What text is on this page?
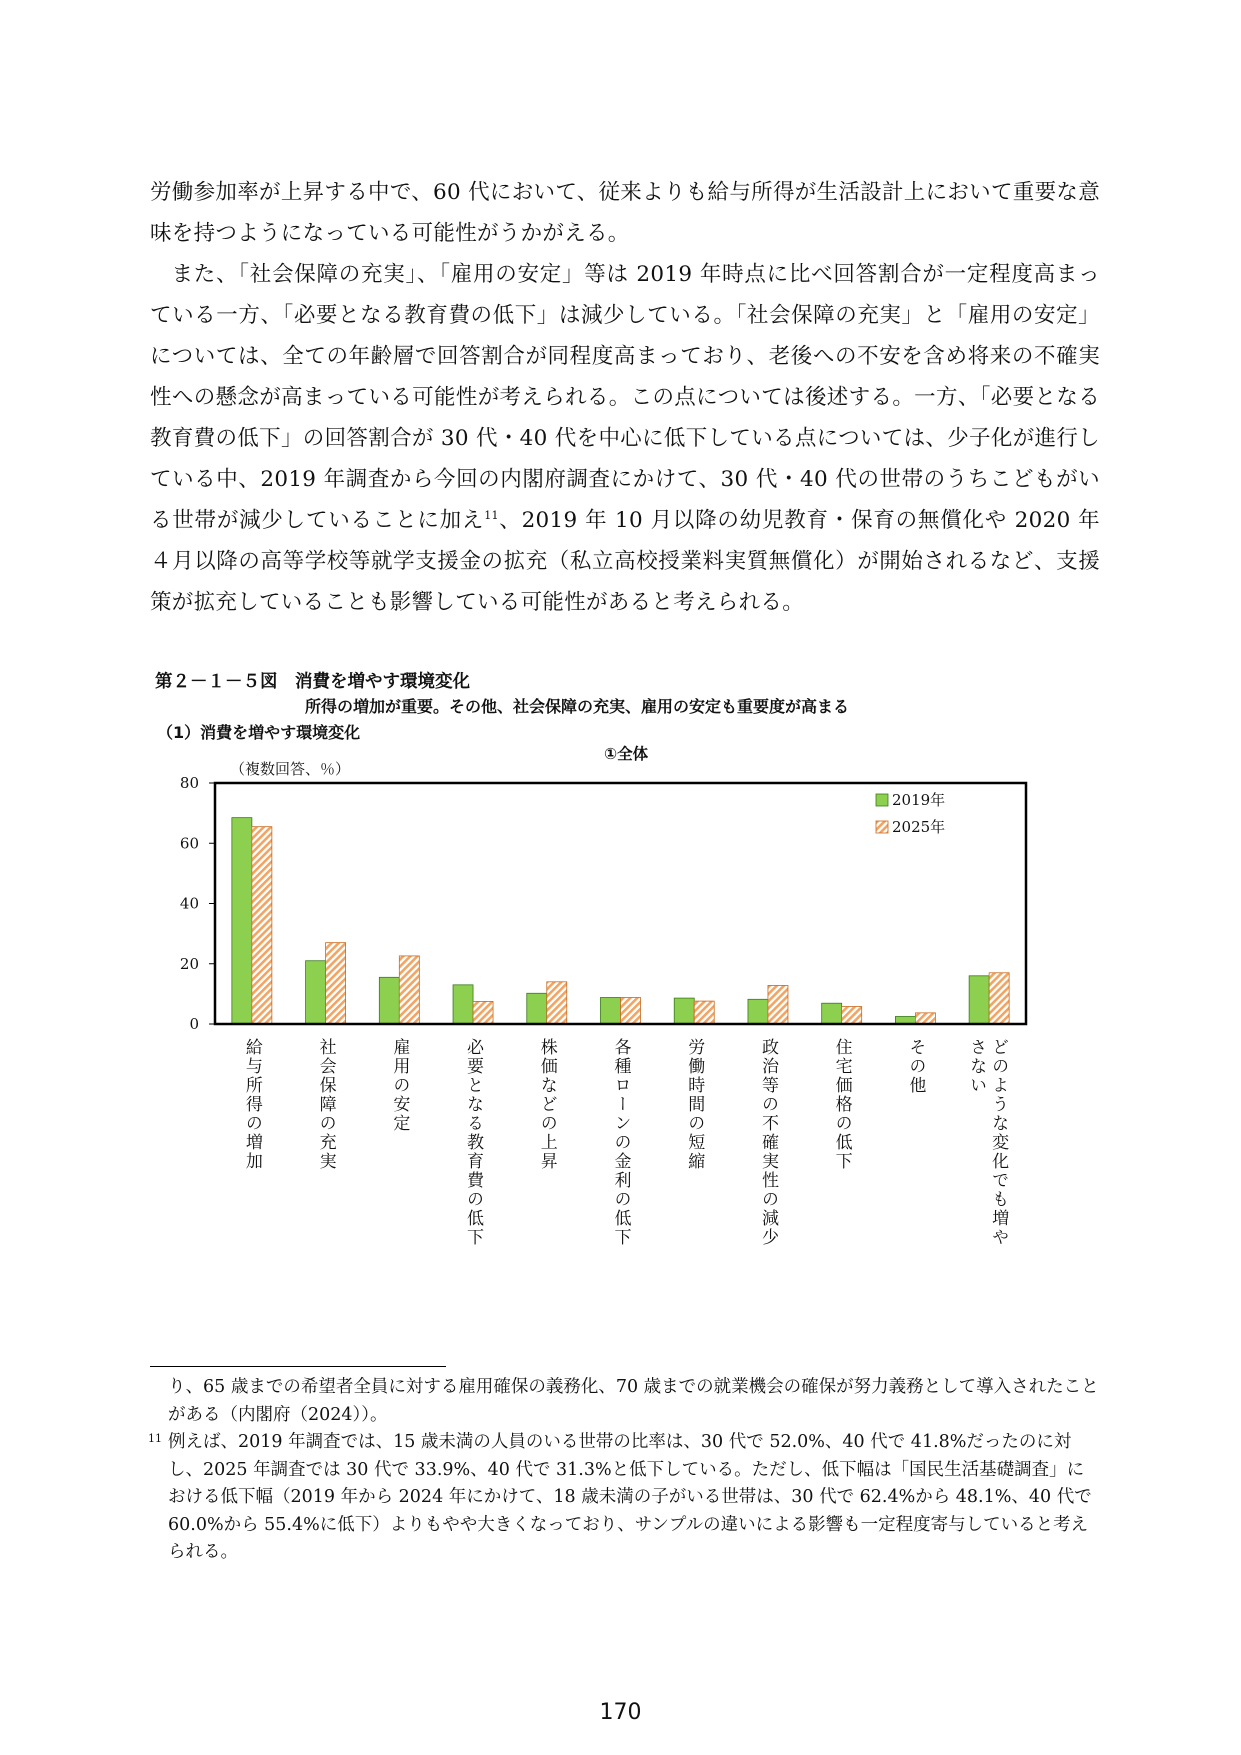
労働参加率が上昇する中で、60 代において、従来よりも給与所得が生活設計上において重要な意味を持つようになっている可能性がうかがえる。

また、「社会保障の充実」、「雇用の安定」等は 2019 年時点に比べ回答割合が一定程度高まっている一方、「必要となる教育費の低下」は減少している。「社会保障の充実」と「雇用の安定」については、全ての年齢層で回答割合が同程度高まっており、老後への不安を含め将来の不確実性への懸念が高まっている可能性が考えられる。この点については後述する。一方、「必要となる教育費の低下」の回答割合が 30 代・40 代を中心に低下している点については、少子化が進行している中、2019 年調査から今回の内閣府調査にかけて、30 代・40 代の世帯のうちこどもがいる世帯が減少していることに加え$^{11}$、2019 年 10 月以降の幼児教育・保育の無償化や 2020 年４月以降の高等学校等就学支援金の拡充（私立高校授業料実質無償化）が開始されるなど、支援策が拡充していることも影響している可能性があると考えられる。

第２－１－５図　消費を増やす環境変化
所得の増加が重要。その他、社会保障の充実、雇用の安定も重要度が高まる
（1）消費を増やす環境変化
①全体
（複数回答、％）
0
20
40
60
80
給与所得の増加	社会保障の充実	雇用の安定	必要となる教育費の低下	株価などの上昇	各種ローンの金利の低下	労働時間の短縮	政治等の不確実性の減少	住宅価格の低下	その他	どのような変化でも増や
さない
2019年
2025年
り、65 歳までの希望者全員に対する雇用確保の義務化、70 歳までの就業機会の確保が努力義務として導入されたことがある（内閣府（2024））。
11 例えば、2019 年調査では、15 歳未満の人員のいる世帯の比率は、30 代で 52.0%、40 代で 41.8%だったのに対し、2025 年調査では 30 代で 33.9%、40 代で 31.3%と低下している。ただし、低下幅は「国民生活基礎調査」における低下幅（2019 年から 2024 年にかけて、18 歳未満の子がいる世帯は、30 代で 62.4%から 48.1%、40 代で 60.0%から 55.4%に低下）よりもやや大きくなっており、サンプルの違いによる影響も一定程度寄与していると考えられる。
170
